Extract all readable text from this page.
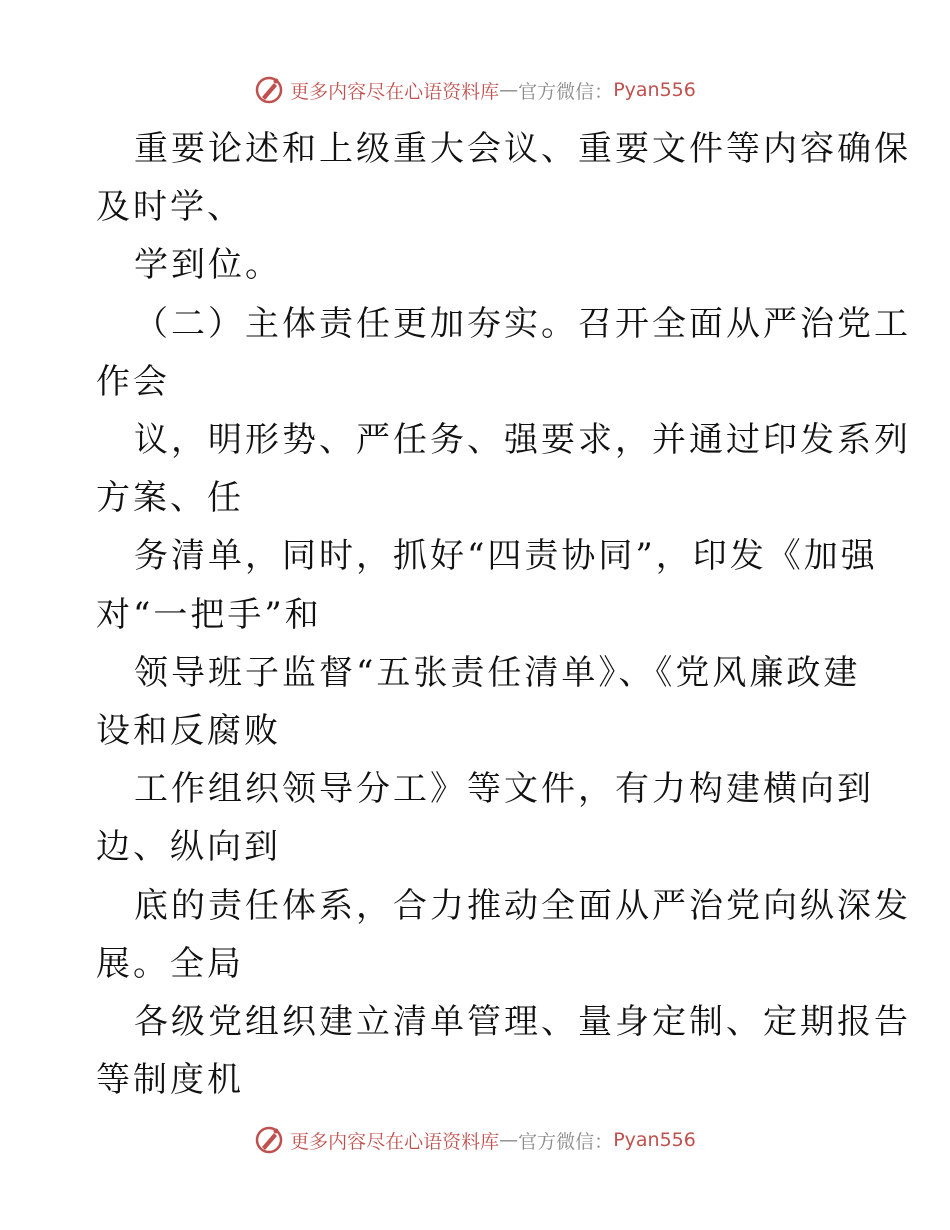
更多内容尽在心语资料库 — 官方微信： Pyan556
重要论述和上级重大会议、重要文件等内容确保
及时学、
学到位。
（二）主体责任更加夯实。召开全面从严治党工
作会
议，明形势、严任务、强要求，并通过印发系列
方案、任
务清单，同时，抓好“四责协同”，印发《加强
对“一把手”和
领导班子监督“五张责任清单》、《党风廉政建
设和反腐败
工作组织领导分工》等文件，有力构建横向到
边、纵向到
底的责任体系，合力推动全面从严治党向纵深发
展。全局
各级党组织建立清单管理、量身定制、定期报告
等制度机
更多内容尽在心语资料库 — 官方微信： Pyan556
